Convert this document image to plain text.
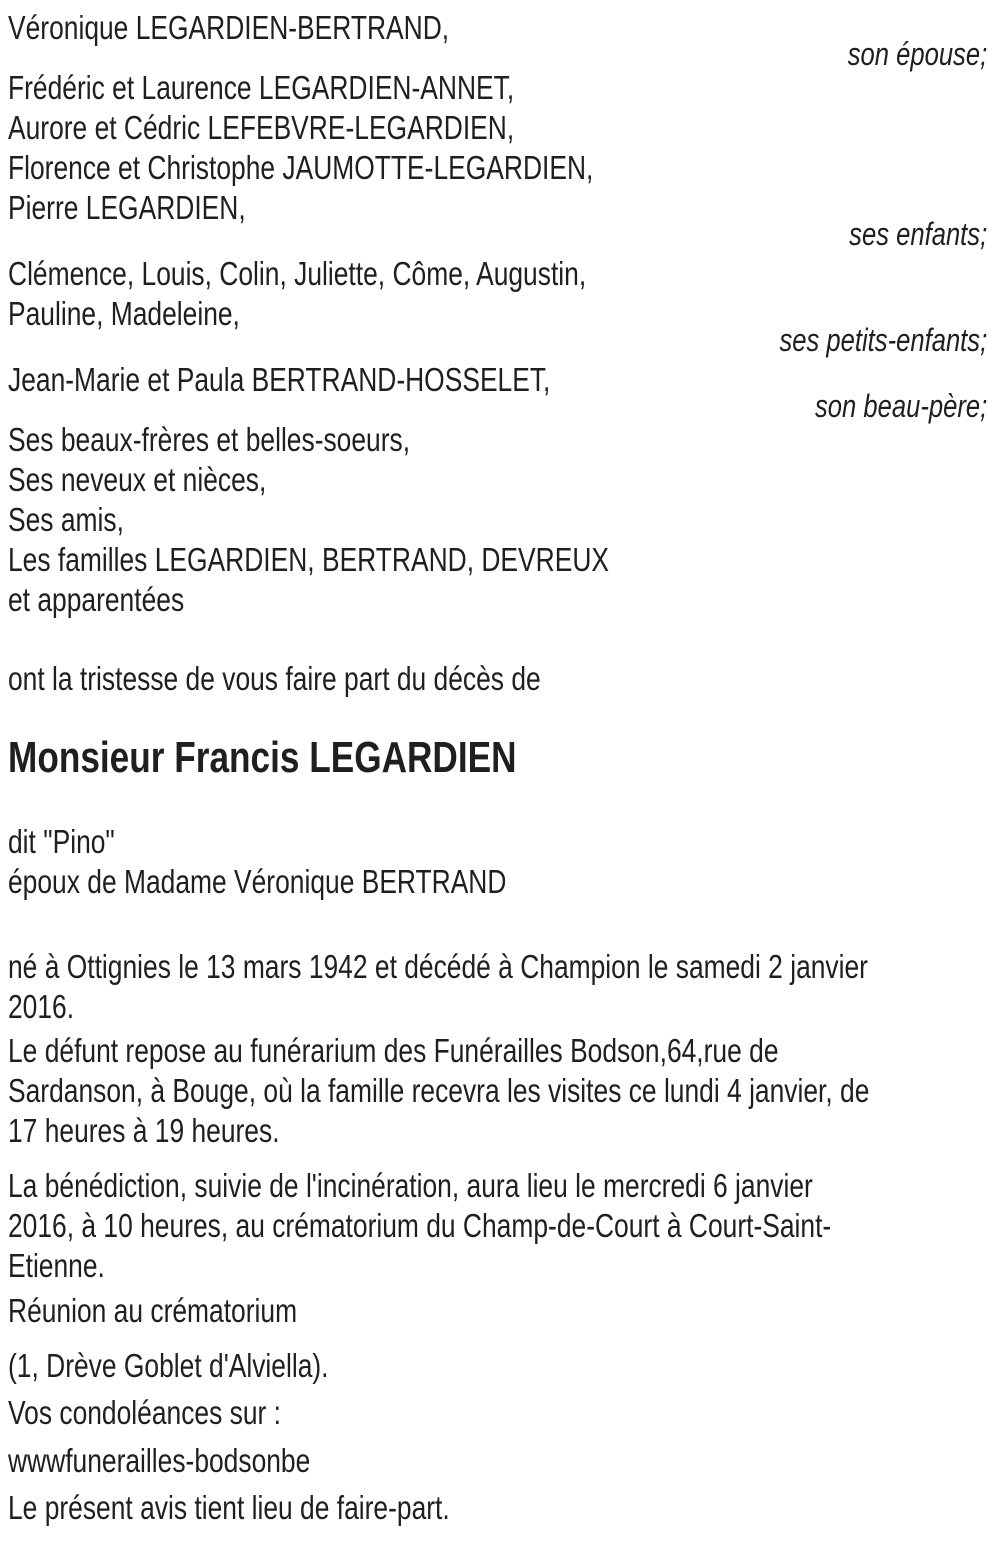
Véronique LEGARDIEN-BERTRAND,
son épouse;
Frédéric et Laurence LEGARDIEN-ANNET,
Aurore et Cédric LEFEBVRE-LEGARDIEN,
Florence et Christophe JAUMOTTE-LEGARDIEN,
Pierre LEGARDIEN,
ses enfants;
Clémence, Louis, Colin, Juliette, Côme, Augustin,
Pauline, Madeleine,
ses petits-enfants;
Jean-Marie et Paula BERTRAND-HOSSELET,
son beau-père;
Ses beaux-frères et belles-soeurs,
Ses neveux et nièces,
Ses amis,
Les familles LEGARDIEN, BERTRAND, DEVREUX
et apparentées
ont la tristesse de vous faire part du décès de
Monsieur Francis LEGARDIEN
dit "Pino"
époux de Madame Véronique BERTRAND
né à Ottignies le 13 mars 1942 et décédé à Champion le samedi 2 janvier
2016.
Le défunt repose au funérarium des Funérailles Bodson,64,rue de
Sardanson, à Bouge, où la famille recevra les visites ce lundi 4 janvier, de
17 heures à 19 heures.
La bénédiction, suivie de l'incinération, aura lieu le mercredi 6 janvier
2016, à 10 heures, au crématorium du Champ-de-Court à Court-Saint-
Etienne.
Réunion au crématorium
(1, Drève Goblet d'Alviella).
Vos condoléances sur :
wwwfunerailles-bodsonbe
Le présent avis tient lieu de faire-part.
